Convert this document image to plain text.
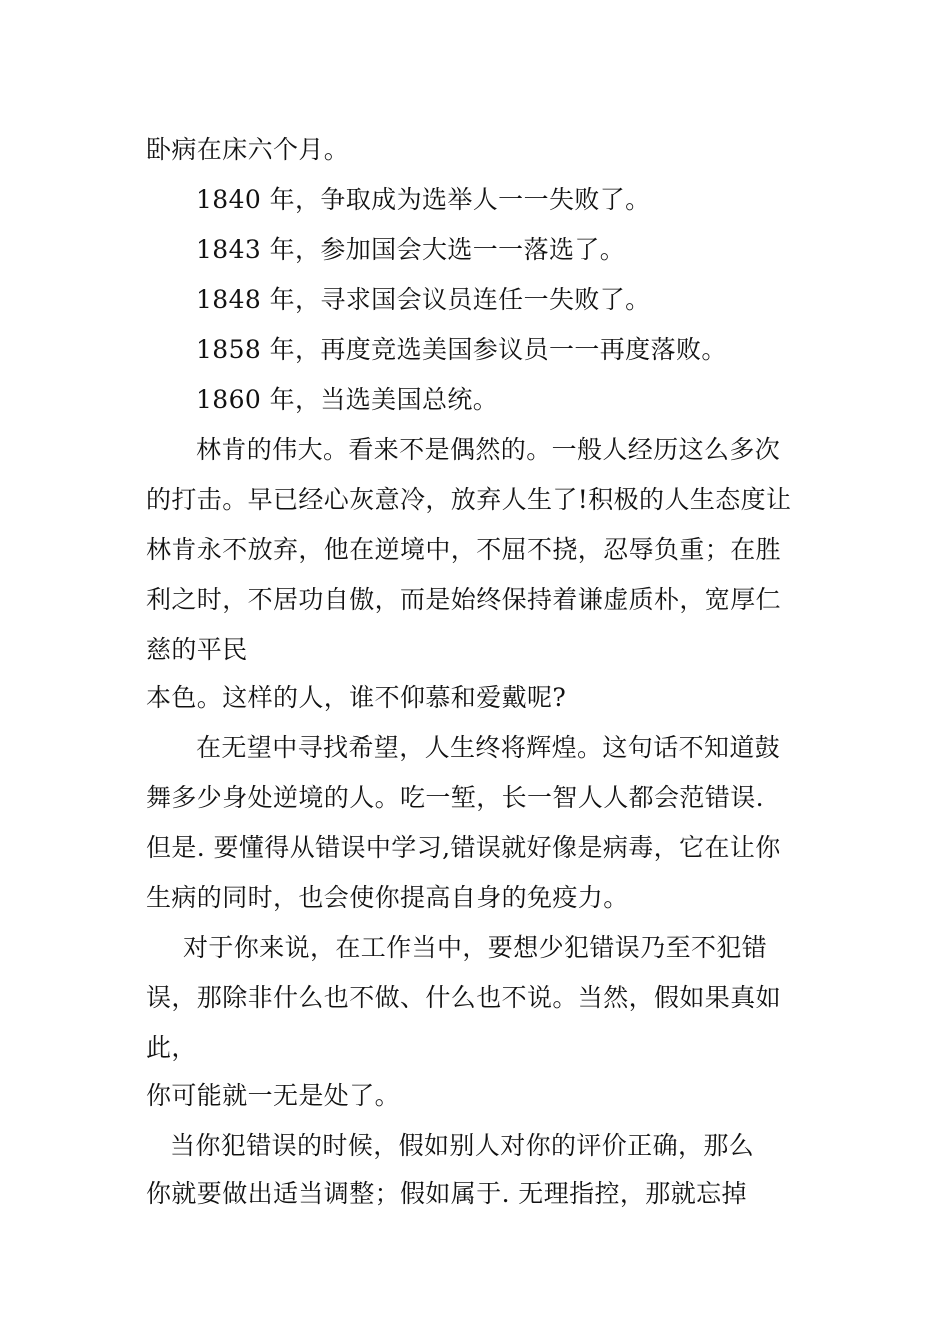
卧病在床六个月。
1840 年，争取成为选举人一一失败了。
1843 年，参加国会大选一一落选了。
1848 年，寻求国会议员连任一失败了。
1858 年，再度竞选美国参议员一一再度落败。
1860 年，当选美国总统。
林肯的伟大。看来不是偶然的。一般人经历这么多次
的打击。早已经心灰意冷，放弃人生了!积极的人生态度让
林肯永不放弃，他在逆境中，不屈不挠，忍辱负重；在胜
利之时，不居功自傲，而是始终保持着谦虚质朴，宽厚仁
慈的平民
本色。这样的人，谁不仰慕和爱戴呢?
在无望中寻找希望，人生终将辉煌。这句话不知道鼓
舞多少身处逆境的人。吃一堑，长一智人人都会范错误.
但是. 要懂得从错误中学习,错误就好像是病毒，它在让你
生病的同时，也会使你提高自身的免疫力。
对于你来说，在工作当中，要想少犯错误乃至不犯错
误，那除非什么也不做、什么也不说。当然，假如果真如
此，
你可能就一无是处了。
当你犯错误的时候，假如别人对你的评价正确，那么
你就要做出适当调整；假如属于. 无理指控，那就忘掉
